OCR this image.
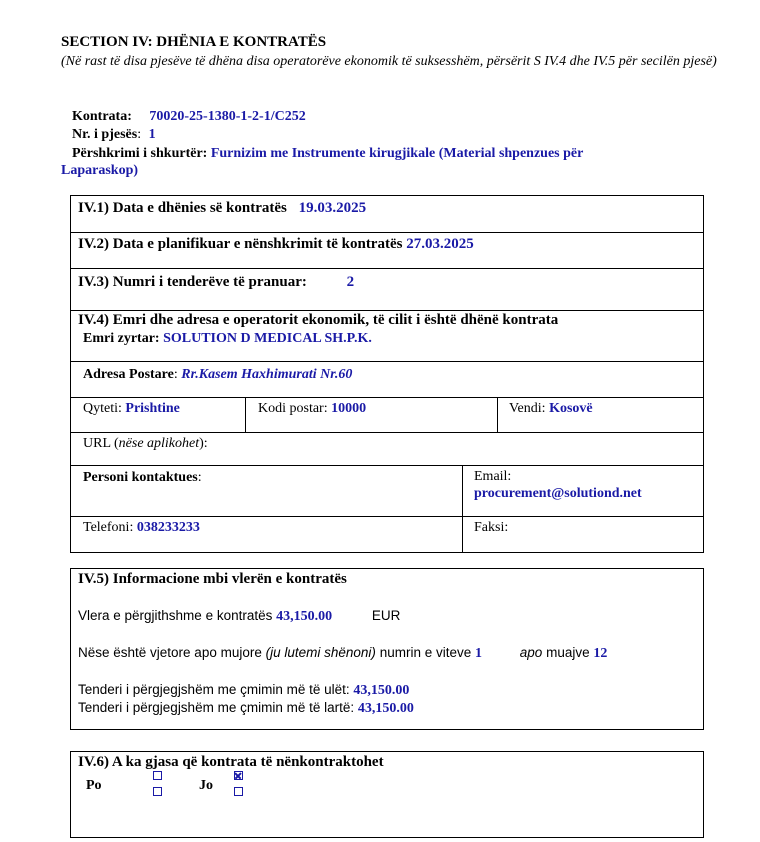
SECTION IV: DHËNIA E KONTRATËS
(Në rast të disa pjesëve të dhëna disa operatorëve ekonomik të suksesshëm, përsërit S IV.4 dhe IV.5 për secilën pjesë)
Kontrata: 70020-25-1380-1-2-1/C252
Nr. i pjesës: 1
Përshkrimi i shkurtër: Furnizim me Instrumente kirugjikale (Material shpenzues për
Laparaskop)
IV.1) Data e dhënies së kontratës 19.03.2025
IV.2) Data e planifikuar e nënshkrimit të kontratës 27.03.2025
IV.3) Numri i tenderëve të pranuar:	2
IV.4) Emri dhe adresa e operatorit ekonomik, të cilit i është dhënë kontrata
Emri zyrtar: SOLUTION D MEDICAL SH.P.K.
Adresa Postare: Rr.Kasem Haxhimurati Nr.60
Qyteti: Prishtine	Kodi postar: 10000	Vendi: Kosovë
URL (nëse aplikohet):
Personi kontaktues:	Email:
procurement@solutiond.net
Telefoni: 038233233	Faksi:
IV.5) Informacione mbi vlerën e kontratës
Vlera e përgjithshme e kontratës 43,150.00	EUR
Nëse është vjetore apo mujore (ju lutemi shënoni) numrin e viteve 1	apo muajve 12
Tenderi i përgjegjshëm me çmimin më të ulët: 43,150.00
Tenderi i përgjegjshëm me çmimin më të lartë: 43,150.00
IV.6) A ka gjasa që kontrata të nënkontraktohet
Po	Jo
